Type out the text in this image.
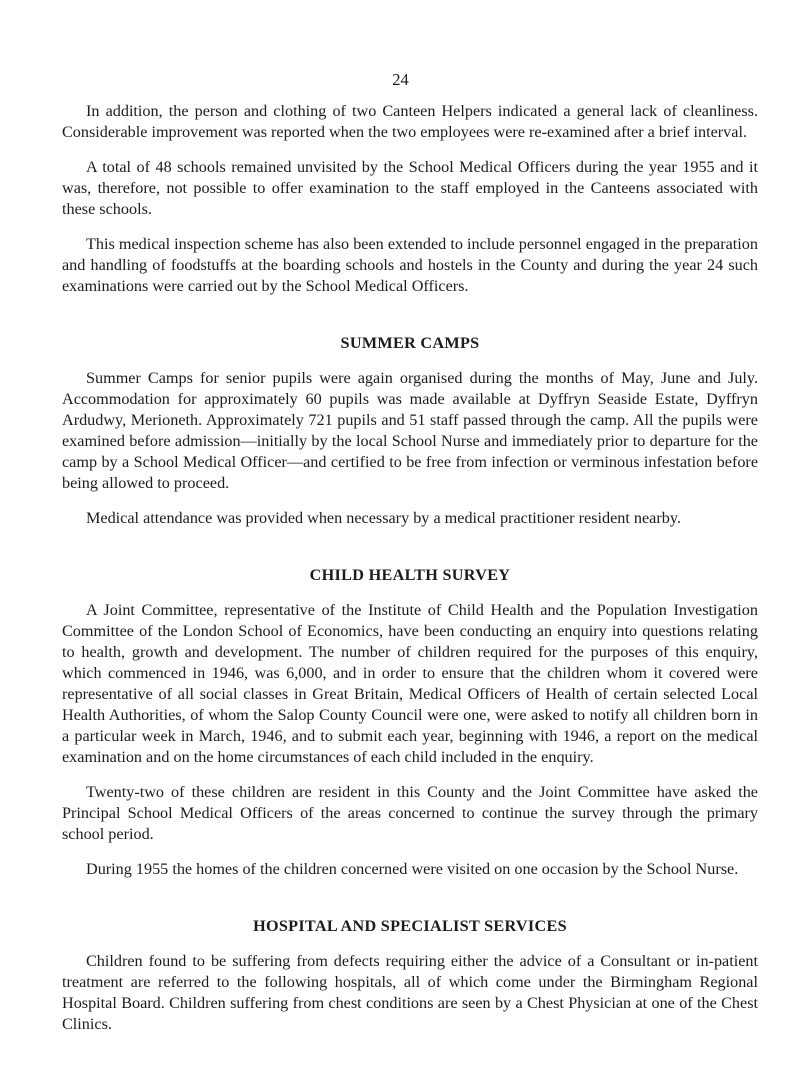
24

In addition, the person and clothing of two Canteen Helpers indicated a general lack of cleanliness. Considerable improvement was reported when the two employees were re-examined after a brief interval.

A total of 48 schools remained unvisited by the School Medical Officers during the year 1955 and it was, therefore, not possible to offer examination to the staff employed in the Canteens associated with these schools.

This medical inspection scheme has also been extended to include personnel engaged in the preparation and handling of foodstuffs at the boarding schools and hostels in the County and during the year 24 such examinations were carried out by the School Medical Officers.

SUMMER CAMPS

Summer Camps for senior pupils were again organised during the months of May, June and July. Accommodation for approximately 60 pupils was made available at Dyffryn Seaside Estate, Dyffryn Ardudwy, Merioneth. Approximately 721 pupils and 51 staff passed through the camp. All the pupils were examined before admission—initially by the local School Nurse and immediately prior to departure for the camp by a School Medical Officer—and certified to be free from infection or verminous infestation before being allowed to proceed.

Medical attendance was provided when necessary by a medical practitioner resident nearby.

CHILD HEALTH SURVEY

A Joint Committee, representative of the Institute of Child Health and the Population Investigation Committee of the London School of Economics, have been conducting an enquiry into questions relating to health, growth and development. The number of children required for the purposes of this enquiry, which commenced in 1946, was 6,000, and in order to ensure that the children whom it covered were representative of all social classes in Great Britain, Medical Officers of Health of certain selected Local Health Authorities, of whom the Salop County Council were one, were asked to notify all children born in a particular week in March, 1946, and to submit each year, beginning with 1946, a report on the medical examination and on the home circumstances of each child included in the enquiry.

Twenty-two of these children are resident in this County and the Joint Committee have asked the Principal School Medical Officers of the areas concerned to continue the survey through the primary school period.

During 1955 the homes of the children concerned were visited on one occasion by the School Nurse.

HOSPITAL AND SPECIALIST SERVICES

Children found to be suffering from defects requiring either the advice of a Consultant or in-patient treatment are referred to the following hospitals, all of which come under the Birmingham Regional Hospital Board. Children suffering from chest conditions are seen by a Chest Physician at one of the Chest Clinics.
